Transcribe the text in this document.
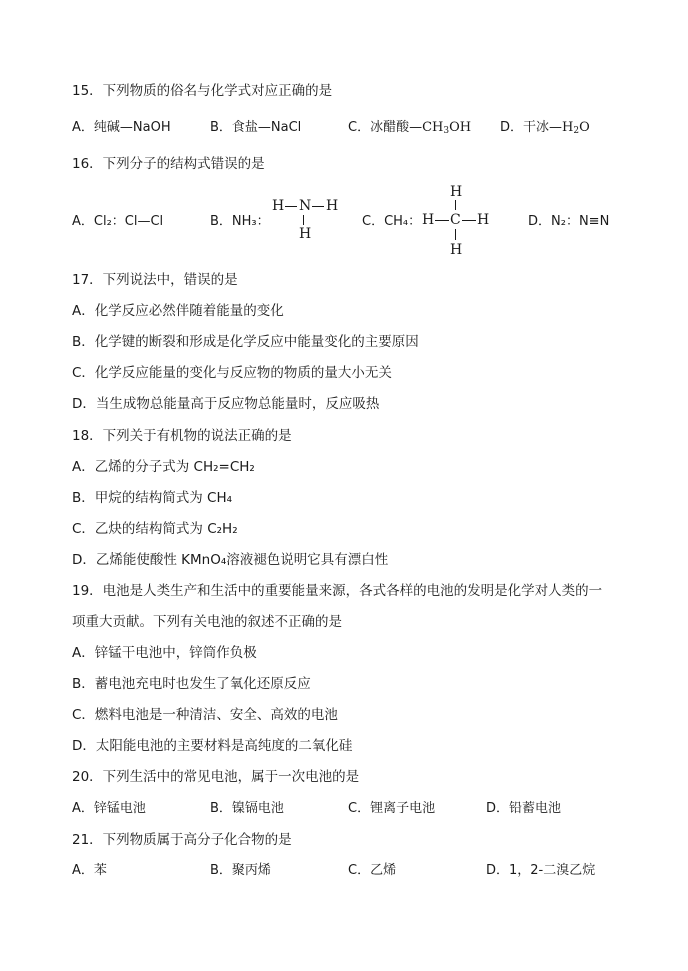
15．下列物质的俗名与化学式对应正确的是
A．纯碱—NaOH	B．食盐—NaCl	C．冰醋酸$—CH_3OH$ D．干冰$—H_2O$
16．下列分子的结构式错误的是
A．Cl₂：Cl—Cl	B．NH₃：
H N H
H
C．CH₄：
H
H C H
H
D．N₂：N≡N
17．下列说法中，错误的是
A．化学反应必然伴随着能量的变化
B．化学键的断裂和形成是化学反应中能量变化的主要原因
C．化学反应能量的变化与反应物的物质的量大小无关
D．当生成物总能量高于反应物总能量时，反应吸热
18．下列关于有机物的说法正确的是
A．乙烯的分子式为 CH₂=CH₂
B．甲烷的结构简式为 CH₄
C．乙炔的结构简式为 C₂H₂
D．乙烯能使酸性 KMnO₄溶液褪色说明它具有漂白性
19．电池是人类生产和生活中的重要能量来源，各式各样的电池的发明是化学对人类的一
项重大贡献。下列有关电池的叙述不正确的是
A．锌锰干电池中，锌筒作负极
B．蓄电池充电时也发生了氧化还原反应
C．燃料电池是一种清洁、安全、高效的电池
D．太阳能电池的主要材料是高纯度的二氧化硅
20．下列生活中的常见电池，属于一次电池的是
A．锌锰电池	B．镍镉电池	C．锂离子电池	D．铅蓄电池
21．下列物质属于高分子化合物的是
A．苯	B．聚丙烯	C．乙烯	D．1，2-二溴乙烷
